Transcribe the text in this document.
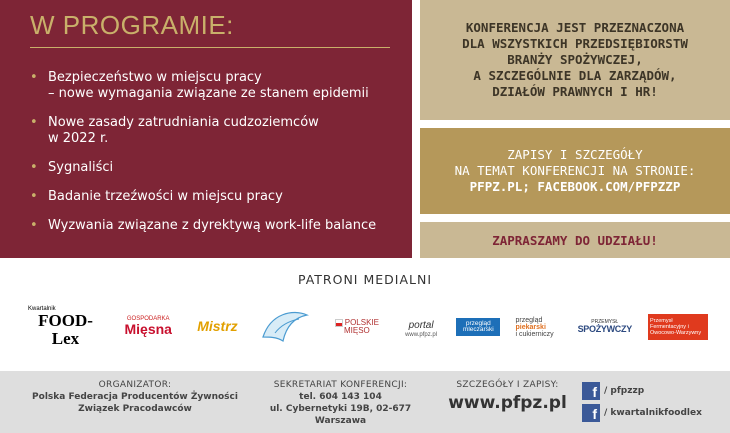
W PROGRAMIE:
• Bezpieczeństwo w miejscu pracy
– nowe wymagania związane ze stanem epidemii
• Nowe zasady zatrudniania cudzoziemców
w 2022 r.
• Sygnaliści
• Badanie trzeźwości w miejscu pracy
• Wyzwania związane z dyrektywą work-life balance
KONFERENCJA JEST PRZEZNACZONA
DLA WSZYSTKICH PRZEDSIĘBIORSTW
BRANŻY SPOŻYWCZEJ,
A SZCZEGÓLNIE DLA ZARZĄDÓW,
DZIAŁÓW PRAWNYCH I HR!
ZAPISY I SZCZEGÓŁY
NA TEMAT KONFERENCJI NA STRONIE:
PFPZ.PL; FACEBOOK.COM/PFPZZP
ZAPRASZAMY DO UDZIAŁU!
PATRONI MEDIALNI
Kwartalnik
FOOD-Lex
GOSPODARKA
Mięsna	Mistrz	POLSKIE MIĘSO	portal
www.pfpz.pl
przegląd
mleczarski
przegląd
piekarski
i cukierniczy
PRZEMYSŁ
SPOŻYWCZY
Przemysł Fermentacyjny i Owocowo-Warzywny
ORGANIZATOR:
Polska Federacja Producentów Żywności
Związek Pracodawców
SEKRETARIAT KONFERENCJI:
tel. 604 143 104
ul. Cybernetyki 19B, 02-677 Warszawa
SZCZEGÓŁY I ZAPISY:
www.pfpz.pl
f / pfpzzp
f / kwartalnikfoodlex
